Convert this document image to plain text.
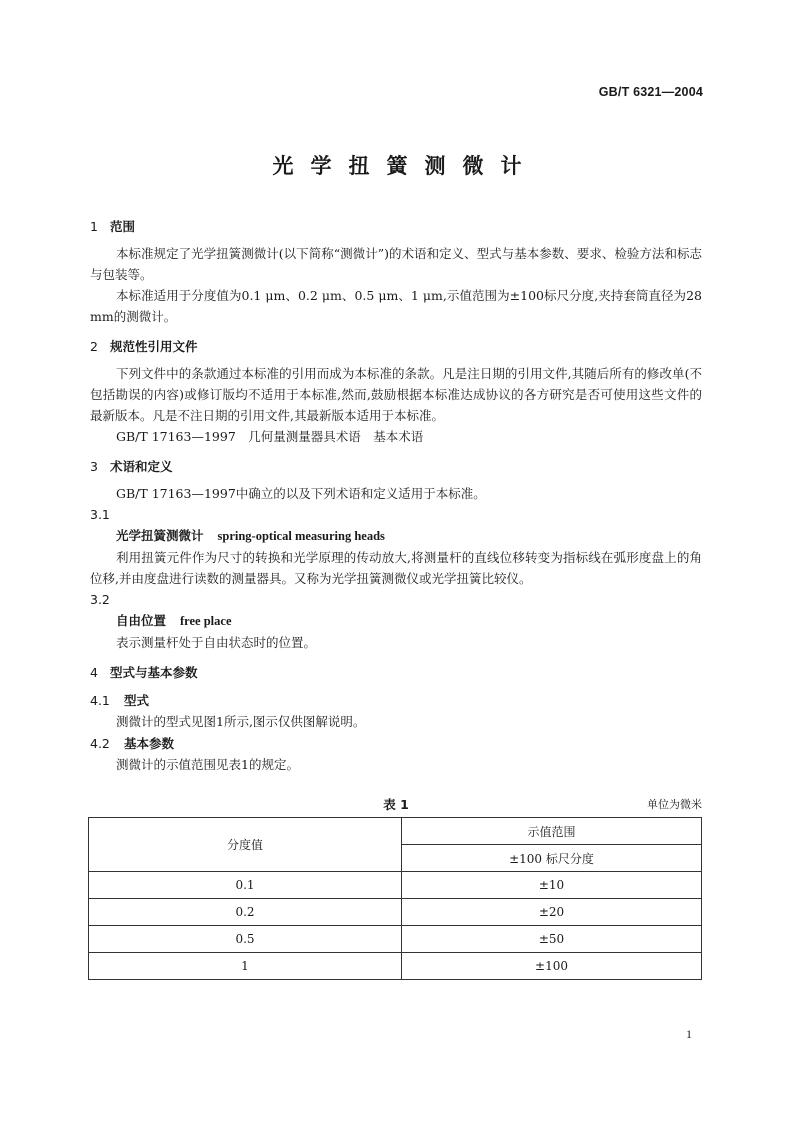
GB/T 6321—2004
光学扭簧测微计
1 范围

本标准规定了光学扭簧测微计(以下简称“测微计”)的术语和定义、型式与基本参数、要求、检验方法和标志与包装等。

本标准适用于分度值为0.1 μm、0.2 μm、0.5 μm、1 μm,示值范围为±100标尺分度,夹持套筒直径为28 mm的测微计。

2 规范性引用文件

下列文件中的条款通过本标准的引用而成为本标准的条款。凡是注日期的引用文件,其随后所有的修改单(不包括勘误的内容)或修订版均不适用于本标准,然而,鼓励根据本标准达成协议的各方研究是否可使用这些文件的最新版本。凡是不注日期的引用文件,其最新版本适用于本标准。

GB/T 17163—1997　几何量测量器具术语　基本术语

3 术语和定义

GB/T 17163—1997中确立的以及下列术语和定义适用于本标准。

3.1
光学扭簧测微计 spring-optical measuring heads

利用扭簧元件作为尺寸的转换和光学原理的传动放大,将测量杆的直线位移转变为指标线在弧形度盘上的角位移,并由度盘进行读数的测量器具。又称为光学扭簧测微仪或光学扭簧比较仪。

3.2
自由位置 free place

表示测量杆处于自由状态时的位置。

4 型式与基本参数
4.1 型式

测微计的型式见图1所示,图示仅供图解说明。

4.2 基本参数

测微计的示值范围见表1的规定。

表 1	单位为微米
分度值	示值范围
	±100 标尺分度
0.1	±10
0.2	±20
0.5	±50
1	±100
1
